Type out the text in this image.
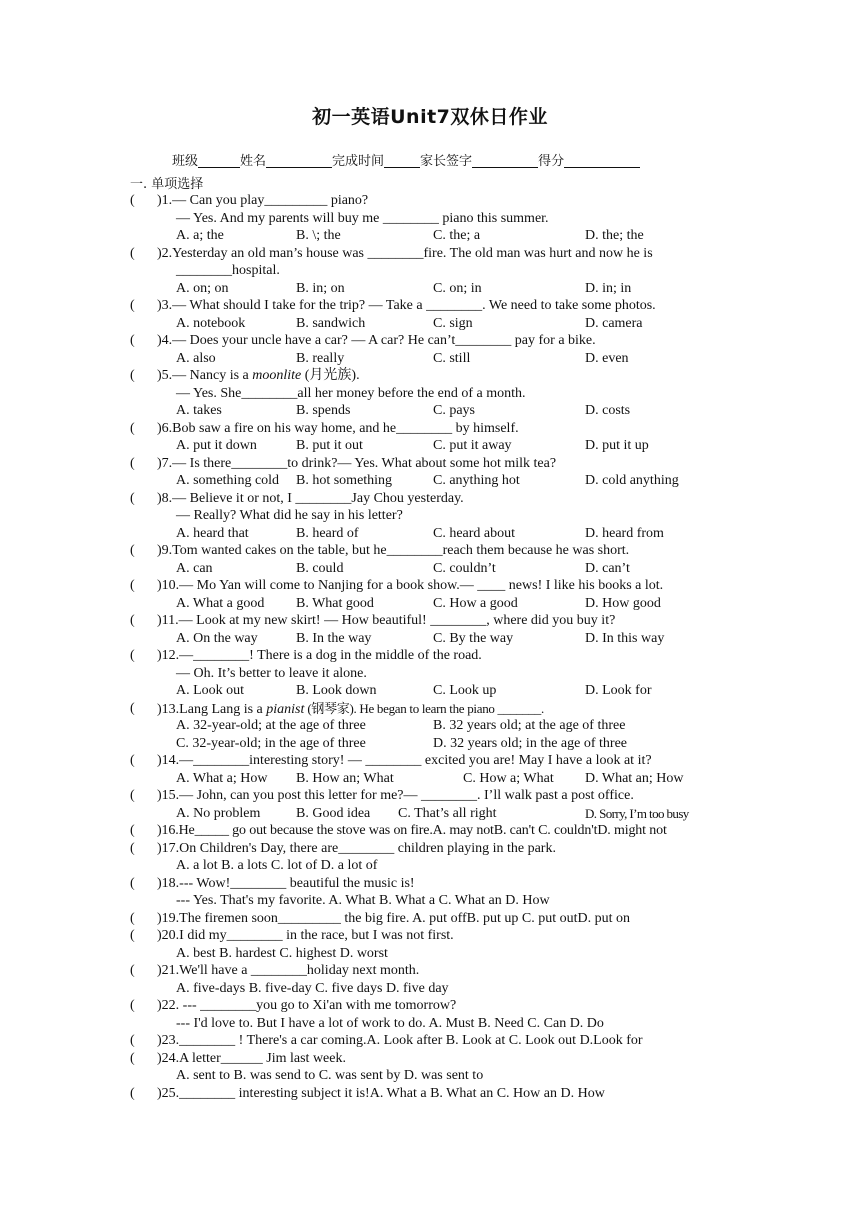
初一英语Unit7双休日作业
班级	姓名	完成时间	家长签字	得分
一. 单项选择
( )1.— Can you play_________ piano?
— Yes. And my parents will buy me ________ piano this summer.
A. a; the	B. \; the	C. the; a	D. the; the
( )2.Yesterday an old man’s house was ________fire. The old man was hurt and now he is
________hospital.
A. on; on	B. in; on	C. on; in	D. in; in
( )3.— What should I take for the trip? — Take a ________. We need to take some photos.
A. notebook	B. sandwich	C. sign	D. camera
( )4.— Does your uncle have a car? — A car? He can’t________ pay for a bike.
A. also	B. really	C. still	D. even
( )5.— Nancy is a moonlite (月光族).
— Yes. She________all her money before the end of a month.
A. takes	B. spends	C. pays	D. costs
( )6.Bob saw a fire on his way home, and he________ by himself.
A. put it down	B. put it out	C. put it away	D. put it up
( )7.— Is there________to drink?— Yes. What about some hot milk tea?
A. something cold B. hot something	C. anything hot	D. cold anything
( )8.— Believe it or not, I ________Jay Chou yesterday.
— Really? What did he say in his letter?
A. heard that	B. heard of	C. heard about	D. heard from
( )9.Tom wanted cakes on the table, but he________reach them because he was short.
A. can	B. could	C. couldn’t	D. can’t
( )10.— Mo Yan will come to Nanjing for a book show.— ____ news! I like his books a lot.
A. What a good B. What good	C. How a good	D. How good
( )11.— Look at my new skirt! — How beautiful! ________, where did you buy it?
A. On the way	B. In the way	C. By the way	D. In this way
( )12.—________! There is a dog in the middle of the road.
— Oh. It’s better to leave it alone.
A. Look out	B. Look down	C. Look up	D. Look for
( )13.Lang Lang is a pianist (钢琴家). He began to learn the piano _______.
A. 32-year-old; at the age of three	B. 32 years old; at the age of three
C. 32-year-old; in the age of three	D. 32 years old; in the age of three
( )14.—________interesting story! — ________ excited you are! May I have a look at it?
A. What a; How B. How an; What	C. How a; What D. What an; How
( )15.— John, can you post this letter for me?— ________. I’ll walk past a post office.
A. No problem	B. Good idea C. That’s all right	D. Sorry, I’m too busy
( )16.He_____ go out because the stove was on fire.A. may notB. can't C. couldn'tD. might not
( )17.On Children's Day, there are________ children playing in the park.
A. a lot B. a lots C. lot of D. a lot of
( )18.--- Wow!________ beautiful the music is!
--- Yes. That's my favorite. A. What B. What a C. What an D. How
( )19.The firemen soon_________ the big fire. A. put offB. put up C. put outD. put on
( )20.I did my________ in the race, but I was not first.
A. best B. hardest C. highest D. worst
( )21.We'll have a ________holiday next month.
A. five-days B. five-day C. five days D. five day
( )22. --- ________you go to Xi'an with me tomorrow?
--- I'd love to. But I have a lot of work to do. A. Must B. Need C. Can D. Do
( )23.________ ! There's a car coming.A. Look after B. Look at C. Look out D.Look for
( )24.A letter______ Jim last week.
A. sent to B. was send to C. was sent by D. was sent to
( )25.________ interesting subject it is!A. What a B. What an C. How an D. How
